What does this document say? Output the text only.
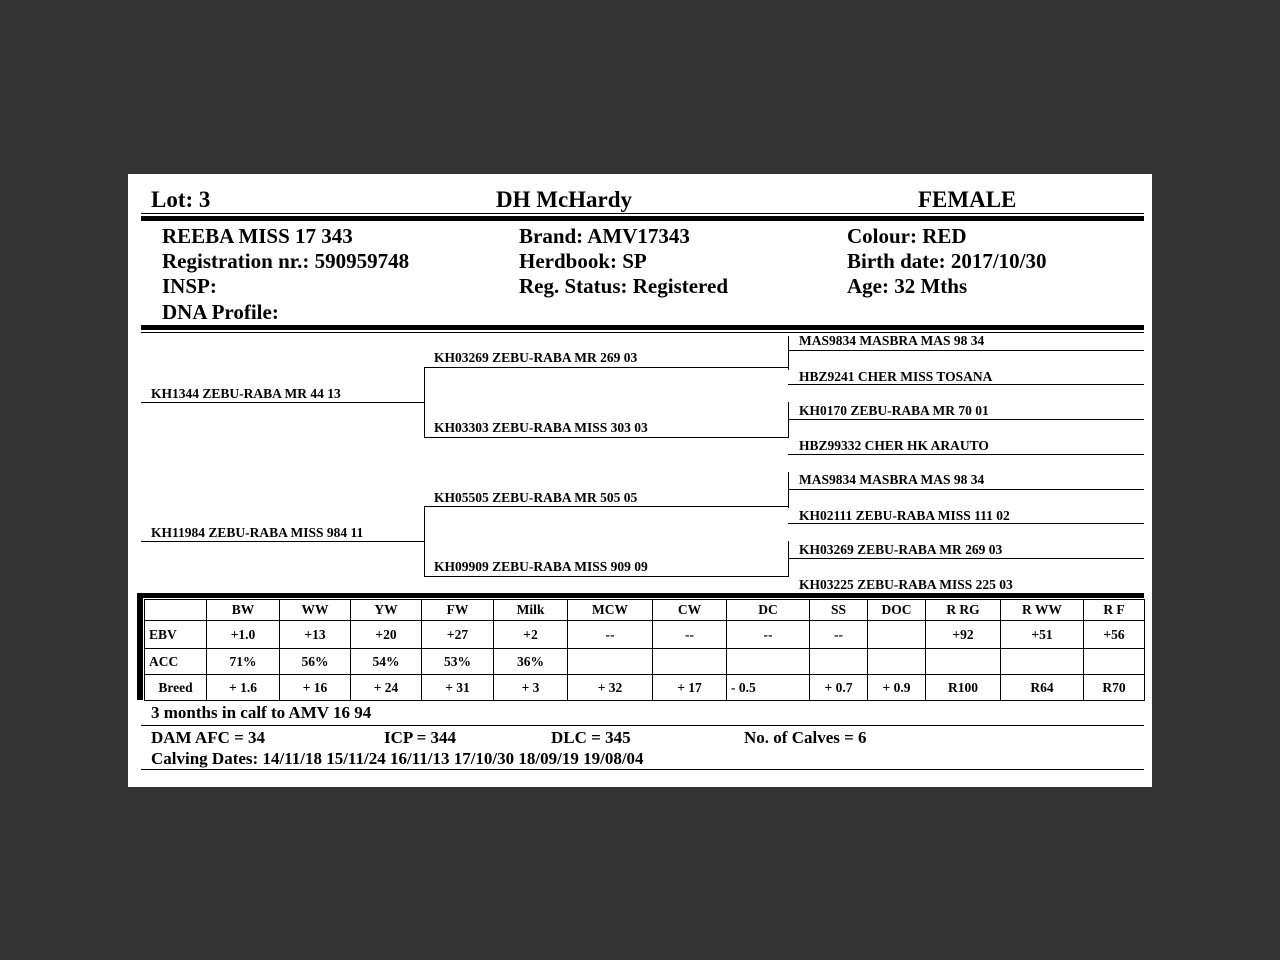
Lot: 3	DH McHardy	FEMALE
REEBA MISS 17 343
Registration nr.: 590959748
INSP:
DNA Profile:
Brand: AMV17343
Herdbook: SP
Reg. Status: Registered
Colour: RED
Birth date: 2017/10/30
Age: 32 Mths
KH1344 ZEBU-RABA MR 44 13
KH11984 ZEBU-RABA MISS 984 11
KH03269 ZEBU-RABA MR 269 03
KH03303 ZEBU-RABA MISS 303 03
KH05505 ZEBU-RABA MR 505 05
KH09909 ZEBU-RABA MISS 909 09
MAS9834 MASBRA MAS 98 34
HBZ9241 CHER MISS TOSANA
KH0170 ZEBU-RABA MR 70 01
HBZ99332 CHER HK ARAUTO
MAS9834 MASBRA MAS 98 34
KH02111 ZEBU-RABA MISS 111 02
KH03269 ZEBU-RABA MR 269 03
KH03225 ZEBU-RABA MISS 225 03
	BW	WW	YW	FW	Milk	MCW	CW	DC	SS	DOC	R RG	R WW	R F
EBV	+1.0	+13	+20	+27	+2	--	--	--	--		+92	+51	+56
ACC	71%	56%	54%	53%	36%								
Breed	+ 1.6	+ 16	+ 24	+ 31	+ 3	+ 32	+ 17	- 0.5	+ 0.7	+ 0.9	R100	R64	R70
3 months in calf to AMV 16 94
DAM AFC = 34	ICP = 344	DLC = 345	No. of Calves = 6
Calving Dates: 14/11/18 15/11/24 16/11/13 17/10/30 18/09/19 19/08/04
